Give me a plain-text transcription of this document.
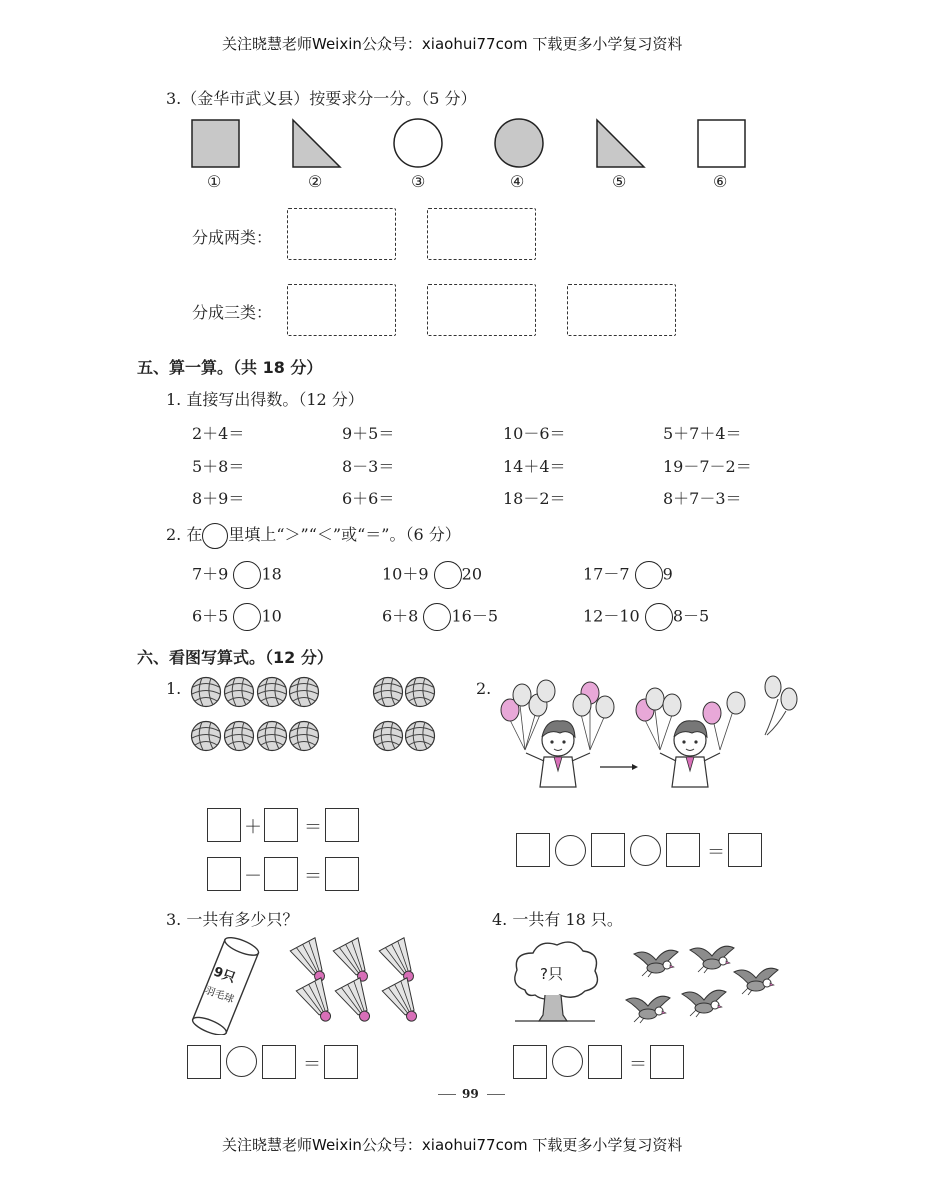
关注晓慧老师Weixin公众号：xiaohui77com 下载更多小学复习资料
3.（金华市武义县）按要求分一分。（5 分）
①	②	③	④	⑤	⑥
分成两类：
分成三类：
五、算一算。（共 18 分）
1. 直接写出得数。（12 分）
2＋4＝	9＋5＝	10－6＝	5＋7＋4＝
5＋8＝	8－3＝	14＋4＝	19－7－2＝
8＋9＝	6＋6＝	18－2＝	8＋7－3＝
2. 在 里填上“＞”“＜”或“＝”。（6 分）
7＋9 18	10＋9 20	17－7 9
6＋5 10	6＋8 16－5	12－10 8－5
六、看图写算式。（12 分）
1.	2.
＋ ＝
－ ＝
＝
3. 一共有多少只？	4. 一共有 18 只。
9只
羽毛球
?只
＝	＝
99
关注晓慧老师Weixin公众号：xiaohui77com 下载更多小学复习资料
